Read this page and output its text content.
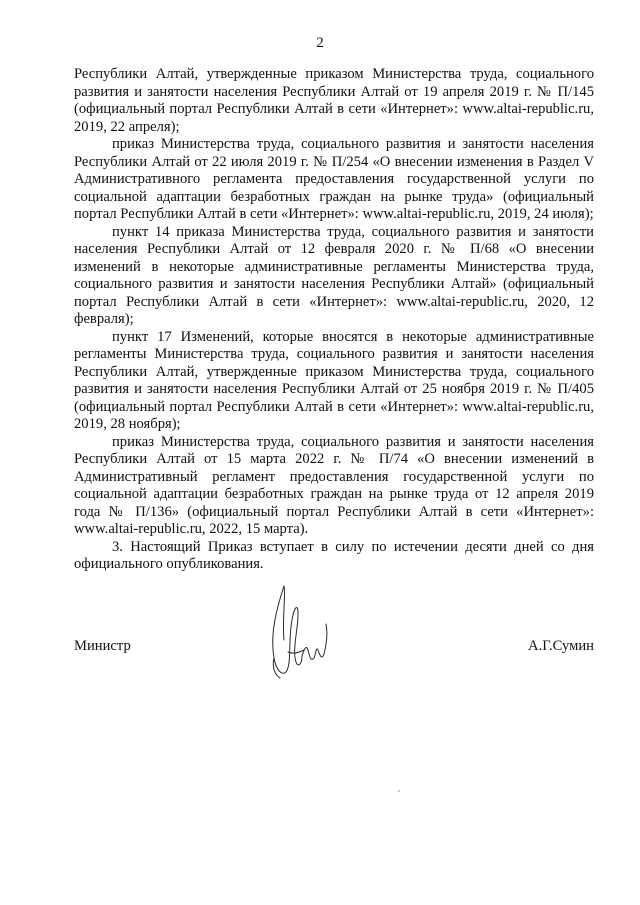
2

Республики Алтай, утвержденные приказом Министерства труда, социального развития и занятости населения Республики Алтай от 19 апреля 2019 г. № П/145 (официальный портал Республики Алтай в сети «Интернет»: www.altai-republic.ru, 2019, 22 апреля);

приказ Министерства труда, социального развития и занятости населения Республики Алтай от 22 июля 2019 г. № П/254 «О внесении изменения в Раздел V Административного регламента предоставления государственной услуги по социальной адаптации безработных граждан на рынке труда» (официальный портал Республики Алтай в сети «Интернет»: www.altai-republic.ru, 2019, 24 июля);

пункт 14 приказа Министерства труда, социального развития и занятости населения Республики Алтай от 12 февраля 2020 г. № П/68 «О внесении изменений в некоторые административные регламенты Министерства труда, социального развития и занятости населения Республики Алтай» (официальный портал Республики Алтай в сети «Интернет»: www.altai-republic.ru, 2020, 12 февраля);

пункт 17 Изменений, которые вносятся в некоторые административные регламенты Министерства труда, социального развития и занятости населения Республики Алтай, утвержденные приказом Министерства труда, социального развития и занятости населения Республики Алтай от 25 ноября 2019 г. № П/405 (официальный портал Республики Алтай в сети «Интернет»: www.altai-republic.ru, 2019, 28 ноября);

приказ Министерства труда, социального развития и занятости населения Республики Алтай от 15 марта 2022 г. № П/74 «О внесении изменений в Административный регламент предоставления государственной услуги по социальной адаптации безработных граждан на рынке труда от 12 апреля 2019 года № П/136» (официальный портал Республики Алтай в сети «Интернет»: www.altai-republic.ru, 2022, 15 марта).

3. Настоящий Приказ вступает в силу по истечении десяти дней со дня официального опубликования.

Министр	А.Г.Сумин
